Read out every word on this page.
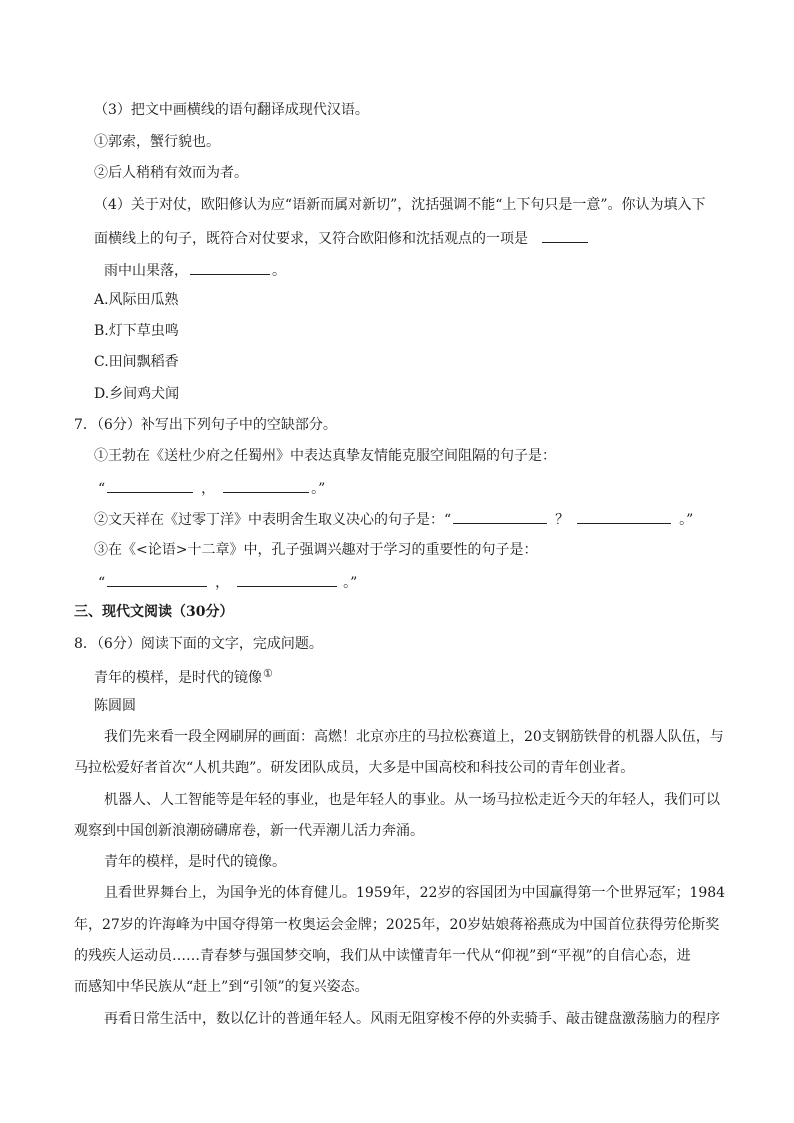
（3）把文中画横线的语句翻译成现代汉语。
①郭索，蟹行貌也。
②后人稍稍有效而为者。
（4）关于对仗，欧阳修认为应“语新而属对新切”，沈括强调不能“上下句只是一意”。你认为填入下
面横线上的句子，既符合对仗要求，又符合欧阳修和沈括观点的一项是
雨中山果落，	。
A.风际田瓜熟
B.灯下草虫鸣
C.田间飘稻香
D.乡间鸡犬闻
7．（6分）补写出下列句子中的空缺部分。
①王勃在《送杜少府之任蜀州》中表达真挚友情能克服空间阻隔的句子是：
“	，	。”
②文天祥在《过零丁洋》中表明舍生取义决心的句子是：“	？	。”
③在《<论语>十二章》中，孔子强调兴趣对于学习的重要性的句子是：
“	，	。”
三、现代文阅读（30分）
8．（6分）阅读下面的文字，完成问题。
青年的模样，是时代的镜像①
陈圆圆
我们先来看一段全网刷屏的画面：高燃！北京亦庄的马拉松赛道上，20支钢筋铁骨的机器人队伍，与
马拉松爱好者首次“人机共跑”。研发团队成员，大多是中国高校和科技公司的青年创业者。
机器人、人工智能等是年轻的事业，也是年轻人的事业。从一场马拉松走近今天的年轻人，我们可以
观察到中国创新浪潮磅礴席卷，新一代弄潮儿活力奔涌。
青年的模样，是时代的镜像。
且看世界舞台上，为国争光的体育健儿。1959年，22岁的容国团为中国赢得第一个世界冠军；1984
年，27岁的许海峰为中国夺得第一枚奥运会金牌；2025年，20岁姑娘蒋裕燕成为中国首位获得劳伦斯奖
的残疾人运动员……青春梦与强国梦交响，我们从中读懂青年一代从“仰视”到“平视”的自信心态，进
而感知中华民族从“赶上”到“引领”的复兴姿态。
再看日常生活中，数以亿计的普通年轻人。风雨无阻穿梭不停的外卖骑手、敲击键盘激荡脑力的程序
